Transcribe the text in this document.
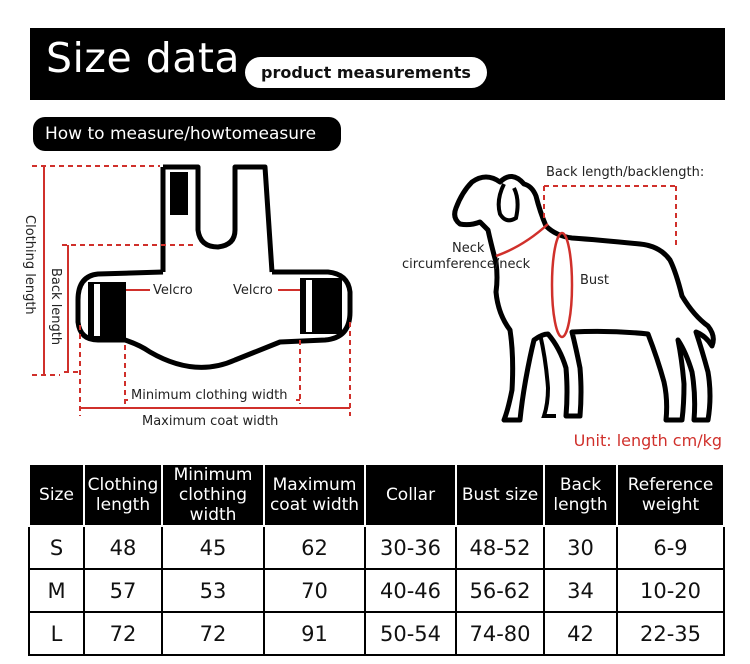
Size data	product measurements
How to measure/howtomeasure
Clothing length Back length	Velcro	Velcro
Minimum clothing width
Maximum coat width
Back length/backlength:
Neck
circumference/neck
Bust
Unit: length cm/kg
Size	Clothing length	Minimum clothing width	Maximum coat width	Collar	Bust size	Back length	Reference weight
S	48	45	62	30-36	48-52	30	6-9
M	57	53	70	40-46	56-62	34	10-20
L	72	72	91	50-54	74-80	42	22-35
